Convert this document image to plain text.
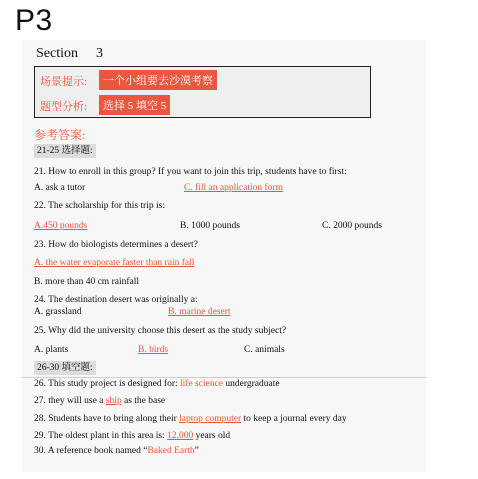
P3
Section 3
场景提示:	一个小组要去沙漠考察
题型分析:	选择 5 填空 5
参考答案:
21-25 选择题:
21. How to enroll in this group? If you want to join this trip, students have to first:
A. ask a tutor	C. fill an application form
22. The scholarship for this trip is:
A.450 pounds	B. 1000 pounds	C. 2000 pounds
23. How do biologists determines a desert?
A. the water evaporate faster than rain fall
B. more than 40 cm rainfall
24. The destination desert was originally a:
A. grassland	B. marine desert
25. Why did the university choose this desert as the study subject?
A. plants	B. birds	C. animals
26-30 填空题:
26. This study project is designed for: life science undergraduate
27. they will use a ship as the base
28. Students have to bring along their laptop computer to keep a journal every day
29. The oldest plant in this area is: 12,000 years old
30. A reference book named “Baked Earth”
